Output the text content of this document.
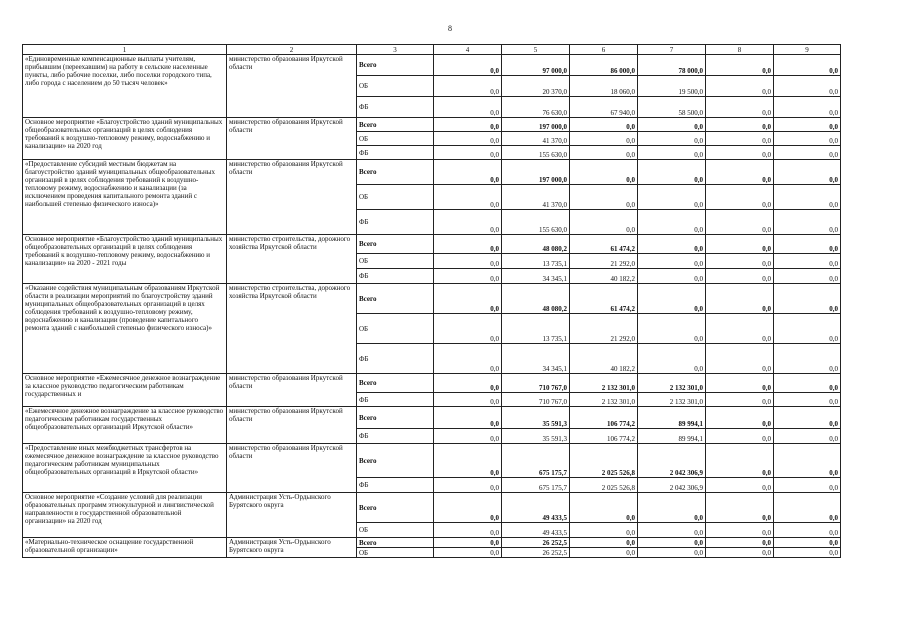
8
1	2	3	4	5	6	7	8	9
«Единовременные компенсационные выплаты учителям, прибывшим (переехавшим) на работу в сельские населенные пункты, либо рабочие поселки, либо поселки городского типа, либо города с населением до 50 тысяч человек»	министерство образования Иркутской области	Всего	0,0	97 000,0	86 000,0	78 000,0	0,0	0,0
		ОБ	0,0	20 370,0	18 060,0	19 500,0	0,0	0,0
		ФБ	0,0	76 630,0	67 940,0	58 500,0	0,0	0,0
Основное мероприятие «Благоустройство зданий муниципальных общеобразовательных организаций в целях соблюдения требований к воздушно-тепловому режиму, водоснабжению и канализации» на 2020 год	министерство образования Иркутской области	Всего	0,0	197 000,0	0,0	0,0	0,0	0,0
		ОБ	0,0	41 370,0	0,0	0,0	0,0	0,0
		ФБ	0,0	155 630,0	0,0	0,0	0,0	0,0
«Предоставление субсидий местным бюджетам на благоустройство зданий муниципальных общеобразовательных организаций в целях соблюдения требований к воздушно-тепловому режиму, водоснабжению и канализации (за исключением проведения капитального ремонта зданий с наибольшей степенью физического износа)»	министерство образования Иркутской области	Всего	0,0	197 000,0	0,0	0,0	0,0	0,0
		ОБ	0,0	41 370,0	0,0	0,0	0,0	0,0
		ФБ	0,0	155 630,0	0,0	0,0	0,0	0,0
Основное мероприятие «Благоустройство зданий муниципальных общеобразовательных организаций в целях соблюдения требований к воздушно-тепловому режиму, водоснабжению и канализации» на 2020 - 2021 годы	министерство строительства, дорожного хозяйства Иркутской области	Всего	0,0	48 080,2	61 474,2	0,0	0,0	0,0
		ОБ	0,0	13 735,1	21 292,0	0,0	0,0	0,0
		ФБ	0,0	34 345,1	40 182,2	0,0	0,0	0,0
«Оказание содействия муниципальным образованиям Иркутской области в реализации мероприятий по благоустройству зданий муниципальных общеобразовательных организаций в целях соблюдения требований к воздушно-тепловому режиму, водоснабжению и канализации (проведение капитального ремонта зданий с наибольшей степенью физического износа)»	министерство строительства, дорожного хозяйства Иркутской области	Всего	0,0	48 080,2	61 474,2	0,0	0,0	0,0
		ОБ	0,0	13 735,1	21 292,0	0,0	0,0	0,0
		ФБ	0,0	34 345,1	40 182,2	0,0	0,0	0,0
Основное мероприятие «Ежемесячное денежное вознаграждение за классное руководство педагогическим работникам государственных и	министерство образования Иркутской области	Всего	0,0	710 767,0	2 132 301,0	2 132 301,0	0,0	0,0
		ФБ	0,0	710 767,0	2 132 301,0	2 132 301,0	0,0	0,0
«Ежемесячное денежное вознаграждение за классное руководство педагогическим работникам государственных общеобразовательных организаций Иркутской области»	министерство образования Иркутской области	Всего	0,0	35 591,3	106 774,2	89 994,1	0,0	0,0
		ФБ	0,0	35 591,3	106 774,2	89 994,1	0,0	0,0
«Предоставление иных межбюджетных трансфертов на ежемесячное денежное вознаграждение за классное руководство педагогическим работникам муниципальных общеобразовательных организаций в Иркутской области»	министерство образования Иркутской области	Всего	0,0	675 175,7	2 025 526,8	2 042 306,9	0,0	0,0
		ФБ	0,0	675 175,7	2 025 526,8	2 042 306,9	0,0	0,0
Основное мероприятие «Создание условий для реализации образовательных программ этнокультурной и лингвистической направленности в государственной образовательной организации» на 2020 год	Администрация Усть-Ордынского Бурятского округа	Всего	0,0	49 433,5	0,0	0,0	0,0	0,0
		ОБ	0,0	49 433,5	0,0	0,0	0,0	0,0
«Материально-техническое оснащение государственной образовательной организации»	Администрация Усть-Ордынского Бурятского округа	Всего	0,0	26 252,5	0,0	0,0	0,0	0,0
		ОБ	0,0	26 252,5	0,0	0,0	0,0	0,0
